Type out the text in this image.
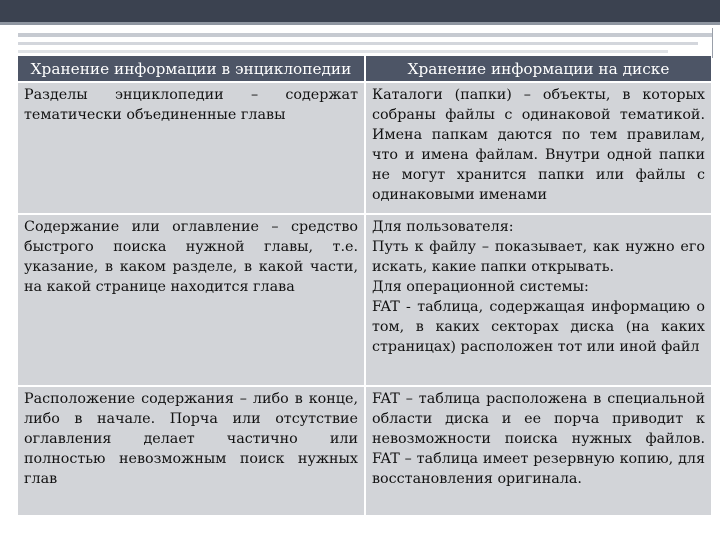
Хранение информации в энциклопедии	Хранение информации на диске
Разделы энциклопедии – содержат тематически объединенные главы	Каталоги (папки) – объекты, в которых собраны файлы с одинаковой тематикой. Имена папкам даются по тем правилам, что и имена файлам. Внутри одной папки не могут хранится папки или файлы с одинаковыми именами
Содержание или оглавление – средство быстрого поиска нужной главы, т.е. указание, в каком разделе, в какой части, на какой странице находится глава	Для пользователя:
Путь к файлу – показывает, как нужно его искать, какие папки открывать.
Для операционной системы:
FAT - таблица, содержащая информацию о том, в каких секторах диска (на каких страницах) расположен тот или иной файл

Расположение содержания – либо в конце, либо в начале. Порча или отсутствие оглавления делает частично или полностью невозможным поиск нужных глав	FAT – таблица расположена в специальной области диска и ее порча приводит к невозможности поиска нужных файлов. FAT – таблица имеет резервную копию, для восстановления оригинала.
